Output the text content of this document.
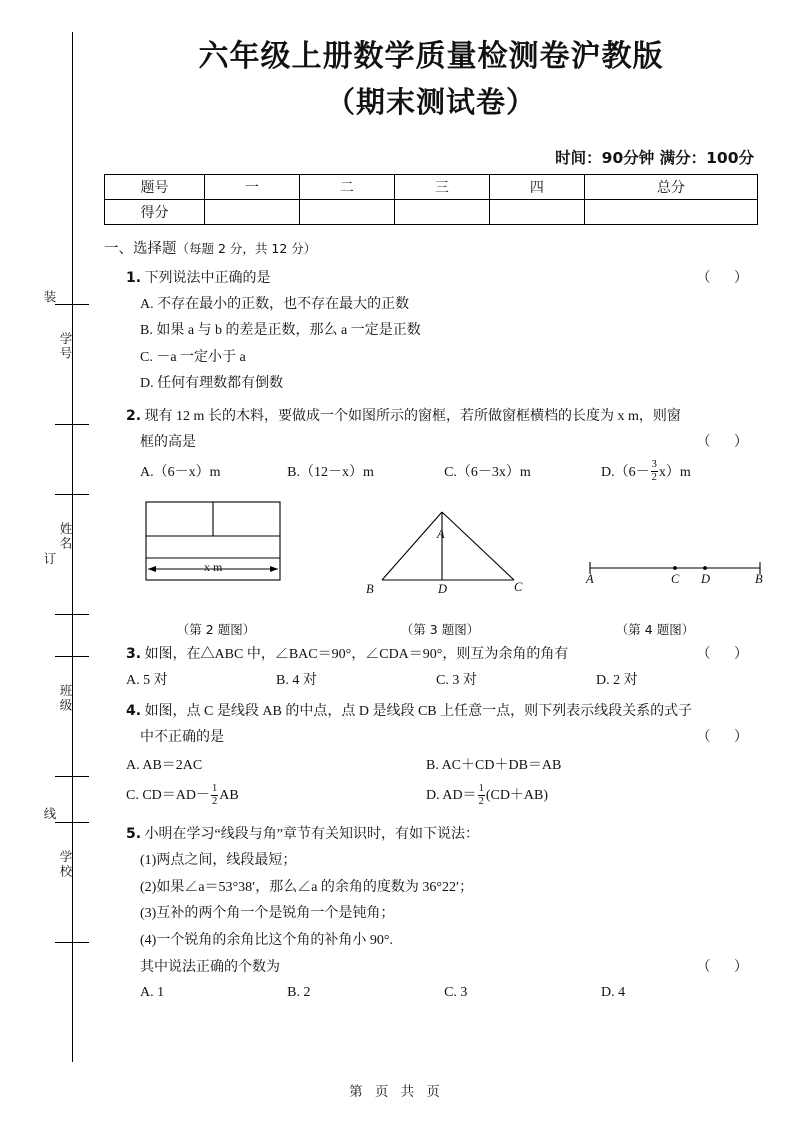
装
订
线
学号
姓名
班级
学校
六年级上册数学质量检测卷沪教版
（期末测试卷）
时间：90分钟 满分：100分
题号	一	二	三	四	总分
得分					
一、选择题（每题 2 分，共 12 分）
1. 下列说法中正确的是	（ ）
A. 不存在最小的正数，也不存在最大的正数
B. 如果 a 与 b 的差是正数，那么 a 一定是正数
C. －a 一定小于 a
D. 任何有理数都有倒数
2. 现有 12 m 长的木料，要做成一个如图所示的窗框，若所做窗框横档的长度为 x m，则窗
框的高是	（ ）
A.（6－x）m	B.（12－x）m	C.（6－3x）m	$D.(6- \frac{3}{2} x)m$
x m
A
B	D	C
A	C D	B
（第 2 题图）	（第 3 题图）	（第 4 题图）
3. 如图，在△ABC 中，∠BAC＝90°，∠CDA＝90°，则互为余角的角有	（ ）
A. 5 对	B. 4 对	C. 3 对	D. 2 对
4. 如图，点 C 是线段 AB 的中点，点 D 是线段 CB 上任意一点，则下列表示线段关系的式子
中不正确的是	（ ）
A. AB＝2AC	B. AC＋CD＋DB＝AB
C. $CD=AD- \frac{1}{2}$ AB	D. $AD= \frac{1}{2} (CD+AB)$
5. 小明在学习“线段与角”章节有关知识时，有如下说法：
(1)两点之间，线段最短；
(2)如果∠a＝53°38′，那么∠a 的余角的度数为 36°22′；
(3)互补的两个角一个是锐角一个是钝角；
(4)一个锐角的余角比这个角的补角小 90°.
其中说法正确的个数为	（ ）
A. 1	B. 2	C. 3	D. 4
第 页 共 页
